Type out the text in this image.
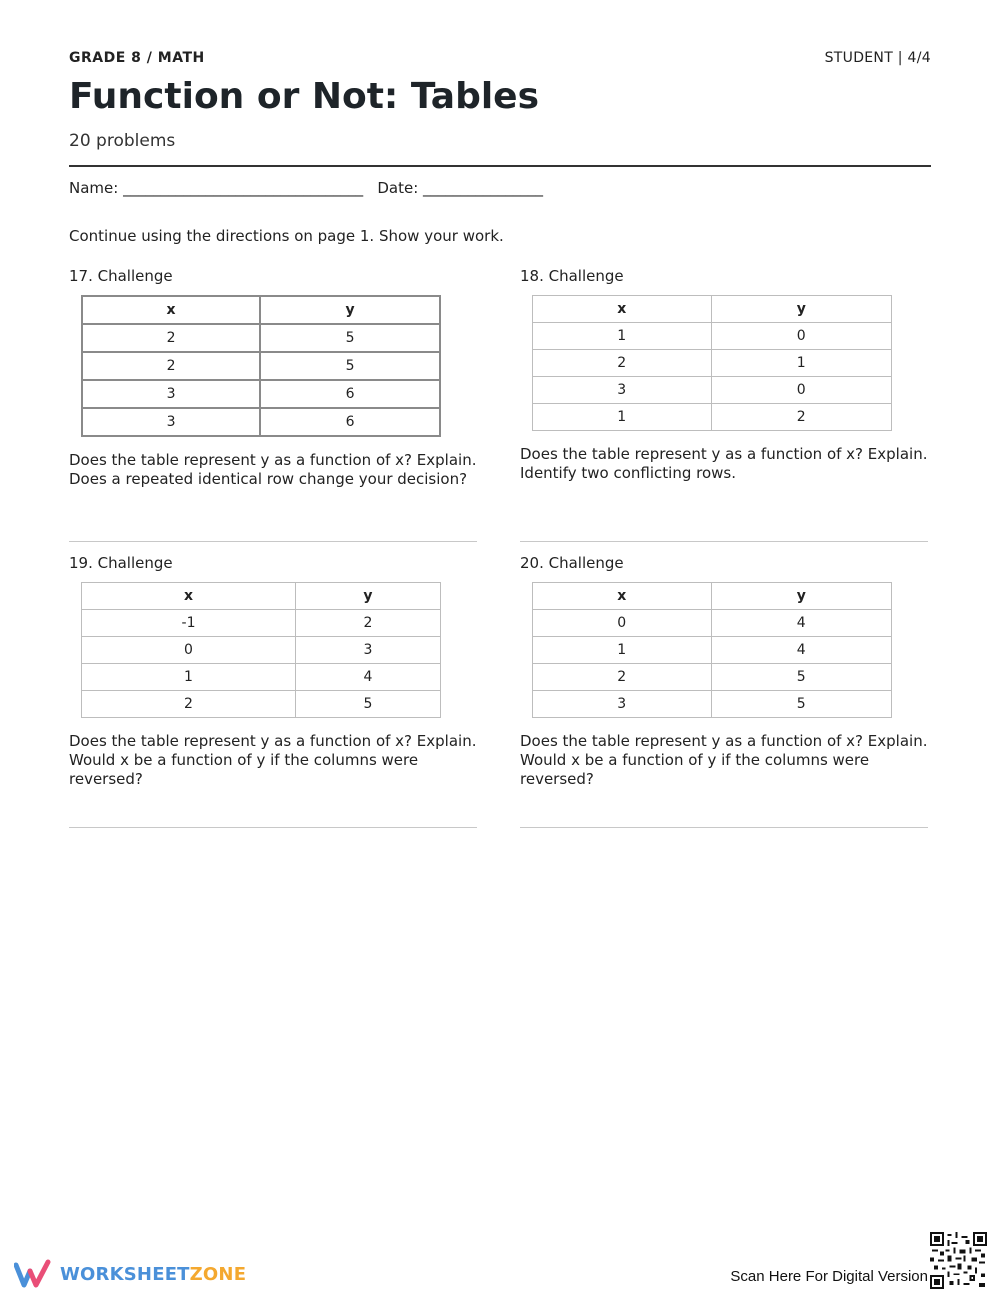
GRADE 8 / MATH	STUDENT | 4/4
Function or Not: Tables
20 problems
Name: ________________________________   Date: ________________
Continue using the directions on page 1. Show your work.
17. Challenge
x	y
2	5
2	5
3	6
3	6
Does the table represent y as a function of x? Explain.
Does a repeated identical row change your decision?
18. Challenge
x	y
1	0
2	1
3	0
1	2
Does the table represent y as a function of x? Explain.
Identify two conflicting rows.
19. Challenge
x	y
-1	2
0	3
1	4
2	5
Does the table represent y as a function of x? Explain.
Would x be a function of y if the columns were
reversed?
20. Challenge
x	y
0	4
1	4
2	5
3	5
Does the table represent y as a function of x? Explain.
Would x be a function of y if the columns were
reversed?
WORKSHEETZONE	Scan Here For Digital Version
